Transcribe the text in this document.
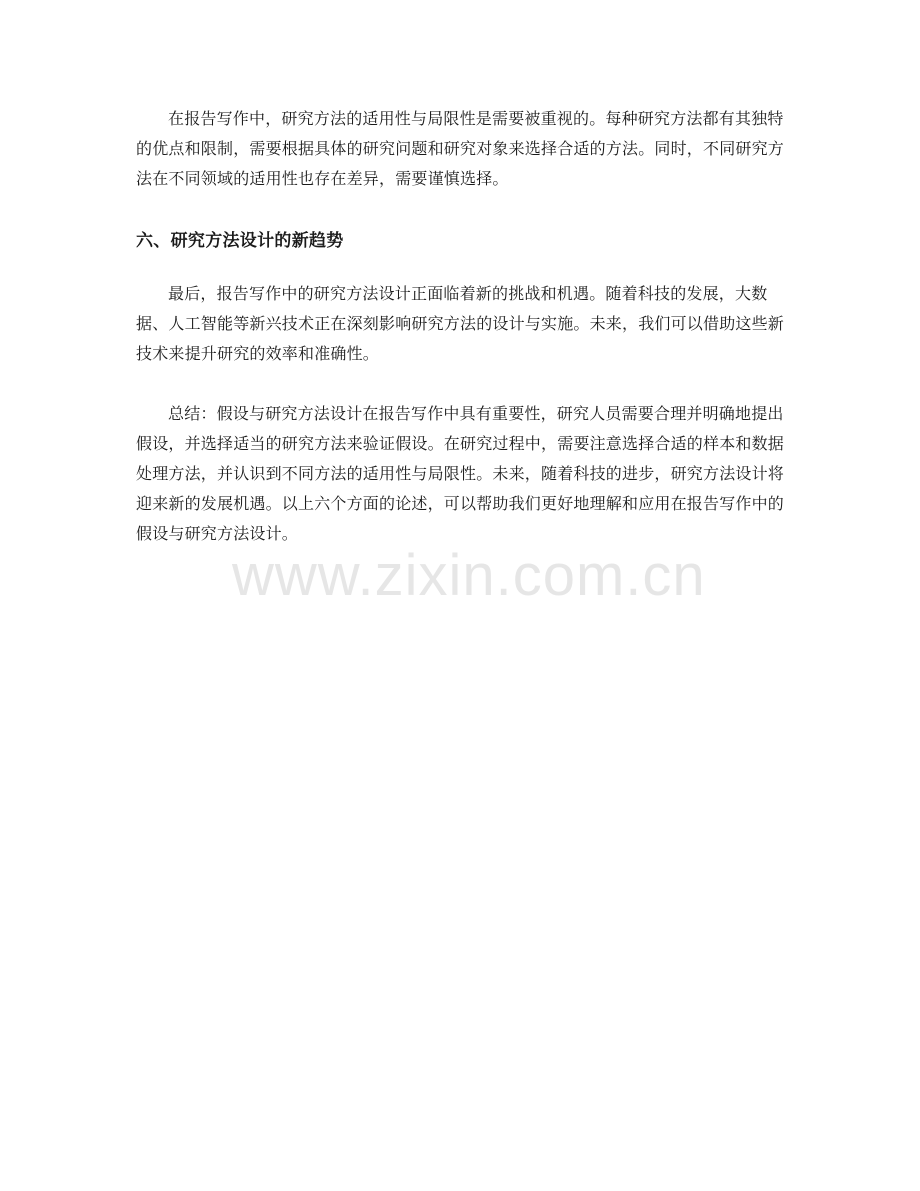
在报告写作中，研究方法的适用性与局限性是需要被重视的。每种研究方法都有其独特的优点和限制，需要根据具体的研究问题和研究对象来选择合适的方法。同时，不同研究方法在不同领域的适用性也存在差异，需要谨慎选择。

六、研究方法设计的新趋势

最后，报告写作中的研究方法设计正面临着新的挑战和机遇。随着科技的发展，大数据、人工智能等新兴技术正在深刻影响研究方法的设计与实施。未来，我们可以借助这些新技术来提升研究的效率和准确性。

总结：假设与研究方法设计在报告写作中具有重要性，研究人员需要合理并明确地提出假设，并选择适当的研究方法来验证假设。在研究过程中，需要注意选择合适的样本和数据处理方法，并认识到不同方法的适用性与局限性。未来，随着科技的进步，研究方法设计将迎来新的发展机遇。以上六个方面的论述，可以帮助我们更好地理解和应用在报告写作中的假设与研究方法设计。

www.zixin.com.cn
